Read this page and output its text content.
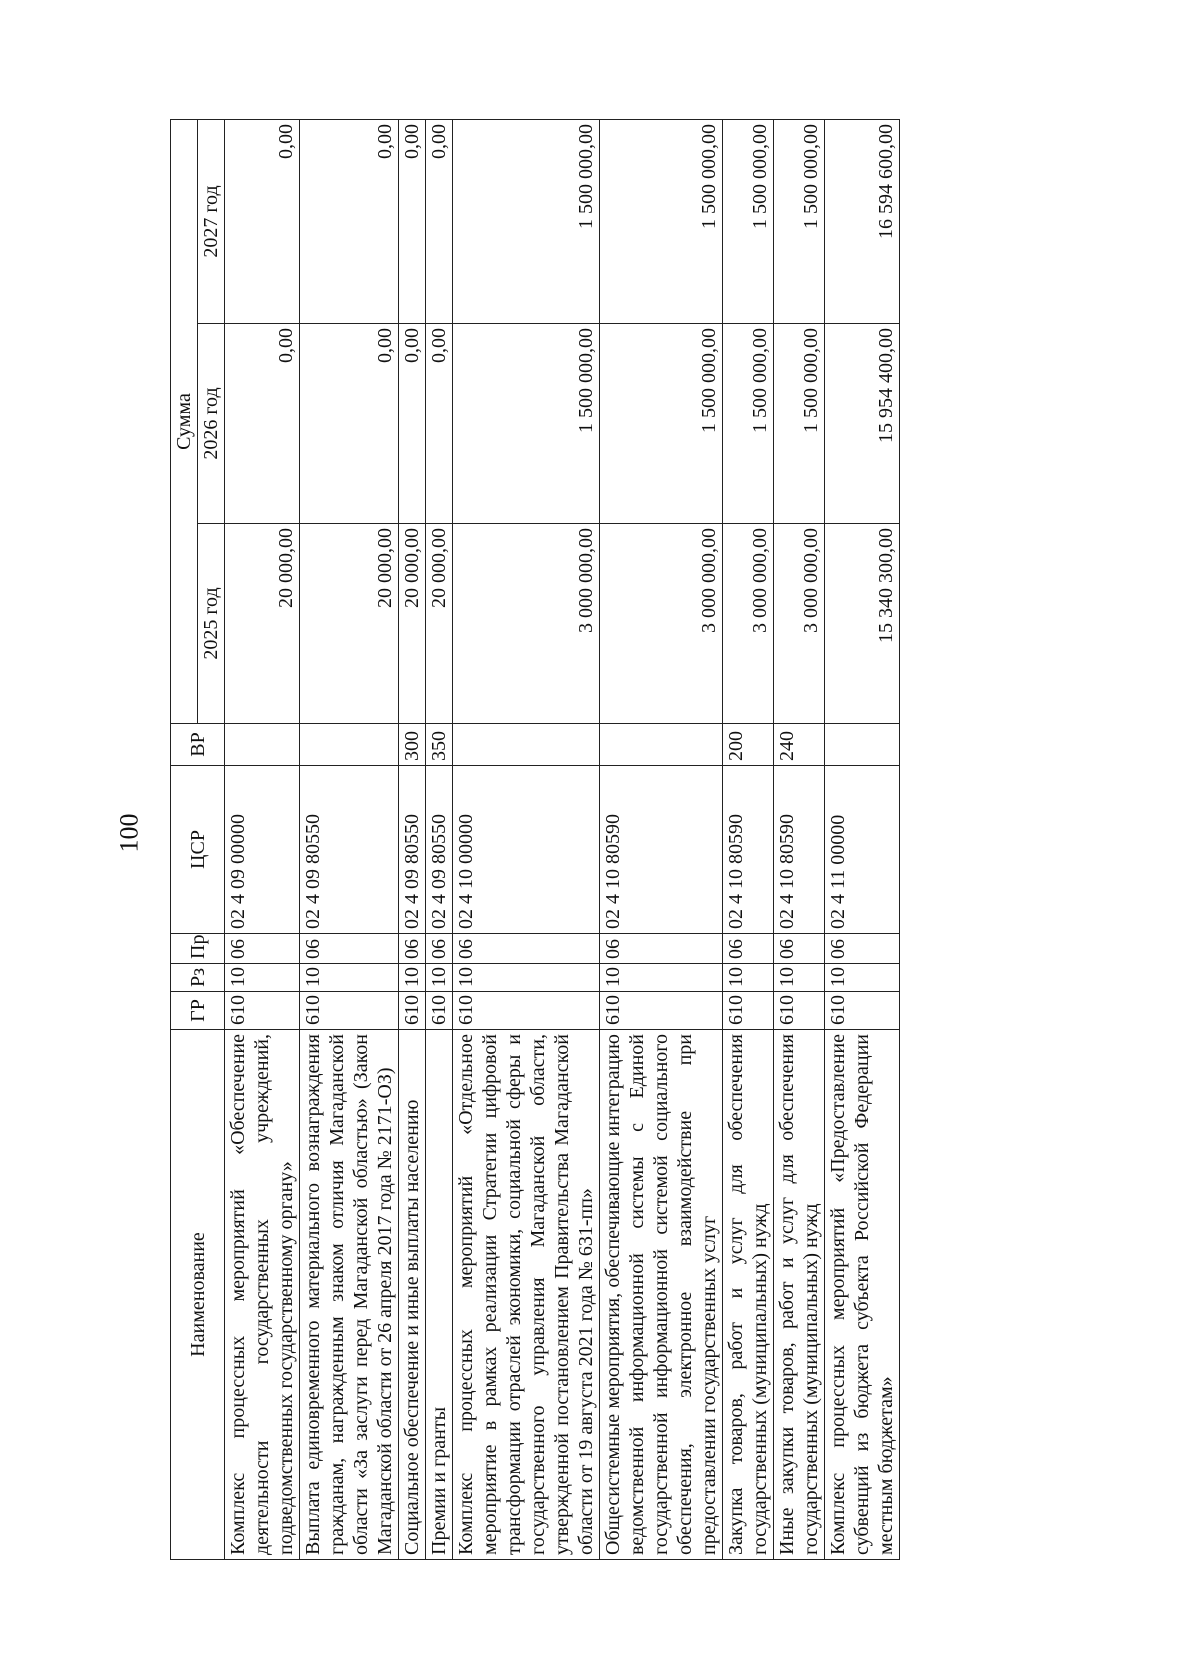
100
Наименование	ГР	Рз	Пр	ЦСР	ВР	Сумма		
						2025 год	2026 год	2027 год
Комплекс процессных мероприятий «Обеспечение деятельности государственных учреждений, подведомственных государственному органу»	610	10	06	02 4 09 00000		20 000,00	0,00	0,00
Выплата единовременного материального вознаграждения гражданам, награжденным знаком отличия Магаданской области «За заслуги перед Магаданской областью» (Закон Магаданской области от 26 апреля 2017 года № 2171-ОЗ)	610	10	06	02 4 09 80550		20 000,00	0,00	0,00
Социальное обеспечение и иные выплаты населению	610	10	06	02 4 09 80550	300	20 000,00	0,00	0,00
Премии и гранты	610	10	06	02 4 09 80550	350	20 000,00	0,00	0,00
Комплекс процессных мероприятий «Отдельное мероприятие в рамках реализации Стратегии цифровой трансформации отраслей экономики, социальной сферы и государственного управления Магаданской области, утвержденной постановлением Правительства Магаданской области от 19 августа 2021 года № 631-пп»	610	10	06	02 4 10 00000		3 000 000,00	1 500 000,00	1 500 000,00
Общесистемные мероприятия, обеспечивающие интеграцию ведомственной информационной системы с Единой государственной информационной системой социального обеспечения, электронное взаимодействие при предоставлении государственных услуг	610	10	06	02 4 10 80590		3 000 000,00	1 500 000,00	1 500 000,00
Закупка товаров, работ и услуг для обеспечения государственных (муниципальных) нужд	610	10	06	02 4 10 80590	200	3 000 000,00	1 500 000,00	1 500 000,00
Иные закупки товаров, работ и услуг для обеспечения государственных (муниципальных) нужд	610	10	06	02 4 10 80590	240	3 000 000,00	1 500 000,00	1 500 000,00
Комплекс процессных мероприятий «Предоставление субвенций из бюджета субъекта Российской Федерации местным бюджетам»	610	10	06	02 4 11 00000		15 340 300,00	15 954 400,00	16 594 600,00
